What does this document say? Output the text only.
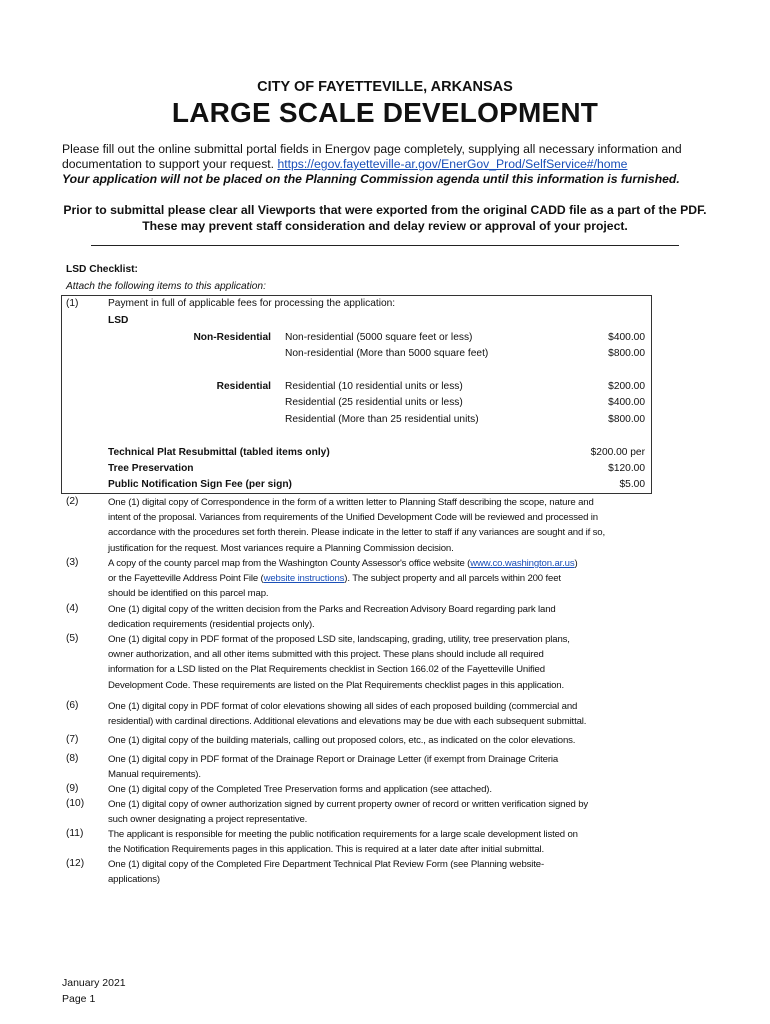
CITY OF FAYETTEVILLE, ARKANSAS
LARGE SCALE DEVELOPMENT
Please fill out the online submittal portal fields in Energov page completely, supplying all necessary information and
documentation to support your request. https://egov.fayetteville-ar.gov/EnerGov_Prod/SelfService#/home
Your application will not be placed on the Planning Commission agenda until this information is furnished.
Prior to submittal please clear all Viewports that were exported from the original CADD file as a part of the PDF.
These may prevent staff consideration and delay review or approval of your project.
LSD Checklist:
Attach the following items to this application:
(1)	Payment in full of applicable fees for processing the application:
LSD
Non-Residential Non-residential (5000 square feet or less)	$400.00
Non-residential (More than 5000 square feet)	$800.00
Residential Residential (10 residential units or less)	$200.00
Residential (25 residential units or less)	$400.00
Residential (More than 25 residential units)	$800.00
Technical Plat Resubmittal (tabled items only)	$200.00 per
Tree Preservation	$120.00
Public Notification Sign Fee (per sign)	$5.00
(2)	One (1) digital copy of Correspondence in the form of a written letter to Planning Staff describing the scope, nature and
intent of the proposal. Variances from requirements of the Unified Development Code will be reviewed and processed in
accordance with the procedures set forth therein. Please indicate in the letter to staff if any variances are sought and if so,
justification for the request. Most variances require a Planning Commission decision.
(3)	A copy of the county parcel map from the Washington County Assessor's office website (www.co.washington.ar.us)
or the Fayetteville Address Point File (website instructions). The subject property and all parcels within 200 feet
should be identified on this parcel map.
(4)	One (1) digital copy of the written decision from the Parks and Recreation Advisory Board regarding park land
dedication requirements (residential projects only).
(5)	One (1) digital copy in PDF format of the proposed LSD site, landscaping, grading, utility, tree preservation plans,
owner authorization, and all other items submitted with this project. These plans should include all required
information for a LSD listed on the Plat Requirements checklist in Section 166.02 of the Fayetteville Unified
Development Code. These requirements are listed on the Plat Requirements checklist pages in this application.
(6)	One (1) digital copy in PDF format of color elevations showing all sides of each proposed building (commercial and
residential) with cardinal directions. Additional elevations and elevations may be due with each subsequent submittal.
(7)	One (1) digital copy of the building materials, calling out proposed colors, etc., as indicated on the color elevations.
(8)	One (1) digital copy in PDF format of the Drainage Report or Drainage Letter (if exempt from Drainage Criteria
Manual requirements).
(9)	One (1) digital copy of the Completed Tree Preservation forms and application (see attached).
(10) One (1) digital copy of owner authorization signed by current property owner of record or written verification signed by
such owner designating a project representative.
(11)	The applicant is responsible for meeting the public notification requirements for a large scale development listed on
the Notification Requirements pages in this application. This is required at a later date after initial submittal.
(12) One (1) digital copy of the Completed Fire Department Technical Plat Review Form (see Planning website-
applications)
January 2021
Page 1
